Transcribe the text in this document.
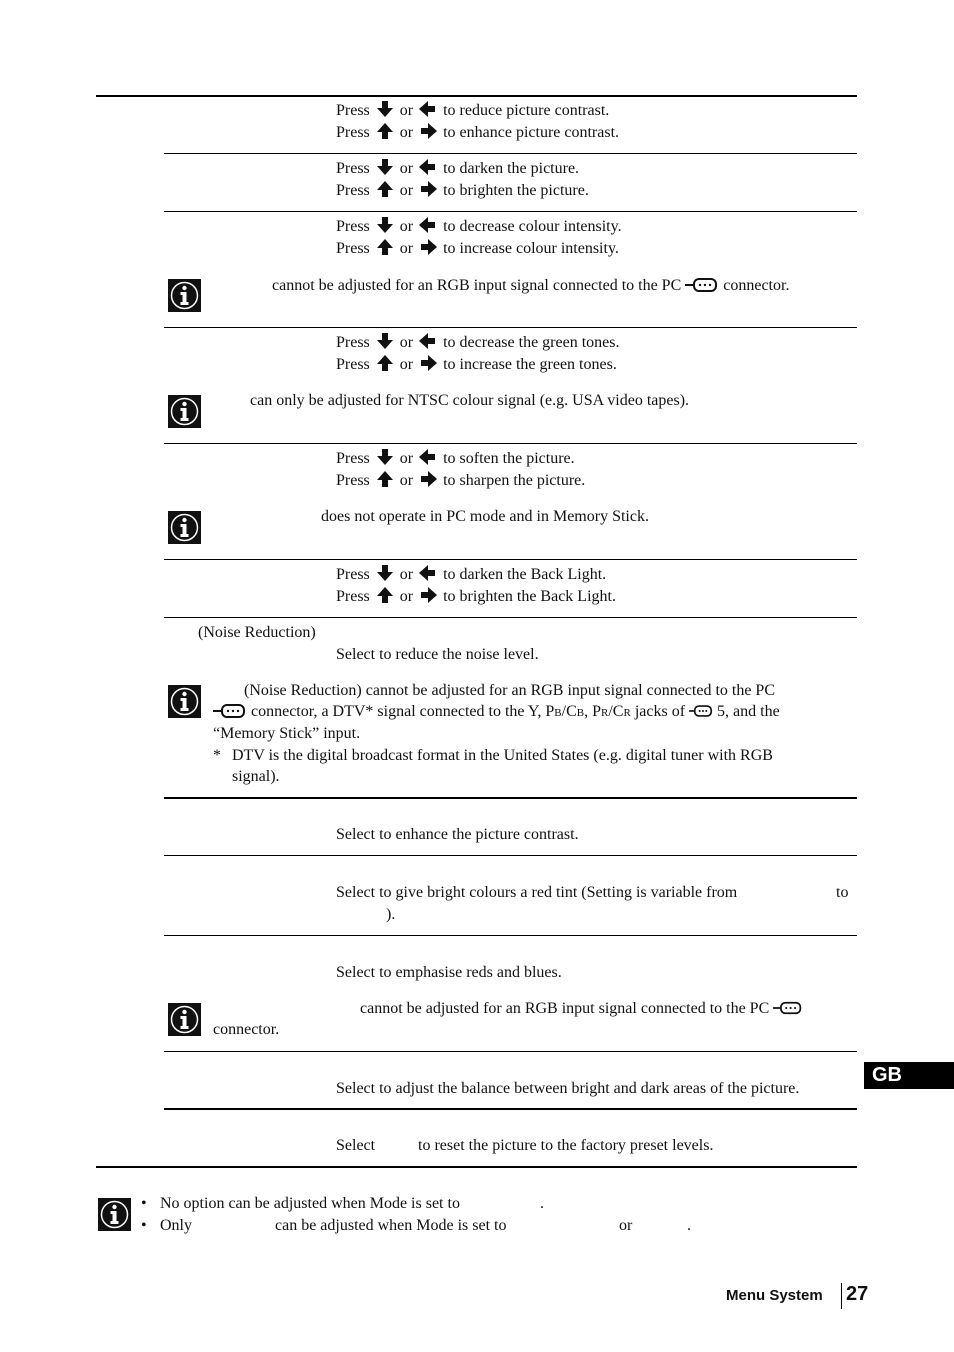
Press or to reduce picture contrast.
Press or to enhance picture contrast.
Press or to darken the picture.
Press or to brighten the picture.
Press or to decrease colour intensity.
Press or to increase colour intensity.
cannot be adjusted for an RGB input signal connected to the PC	connector.
Press or to decrease the green tones.
Press or to increase the green tones.
can only be adjusted for NTSC colour signal (e.g. USA video tapes).
Press or to soften the picture.
Press or to sharpen the picture.
does not operate in PC mode and in Memory Stick.
Press or to darken the Back Light.
Press or to brighten the Back Light.
(Noise Reduction)
Select to reduce the noise level.
(Noise Reduction) cannot be adjusted for an RGB input signal connected to the PC
connector, a DTV* signal connected to the Y, PB/CB, PR/CR jacks of 5, and the
“Memory Stick” input.
* DTV is the digital broadcast format in the United States (e.g. digital tuner with RGB
signal).
Select to enhance the picture contrast.
Select to give bright colours a red tint (Setting is variable from	to
).
Select to emphasise reds and blues.
cannot be adjusted for an RGB input signal connected to the PC
connector.
Select to adjust the balance between bright and dark areas of the picture.
Select	to reset the picture to the factory preset levels.
GB
• No option can be adjusted when Mode is set to	.
• Only	can be adjusted when Mode is set to	or	.
Menu System 27
